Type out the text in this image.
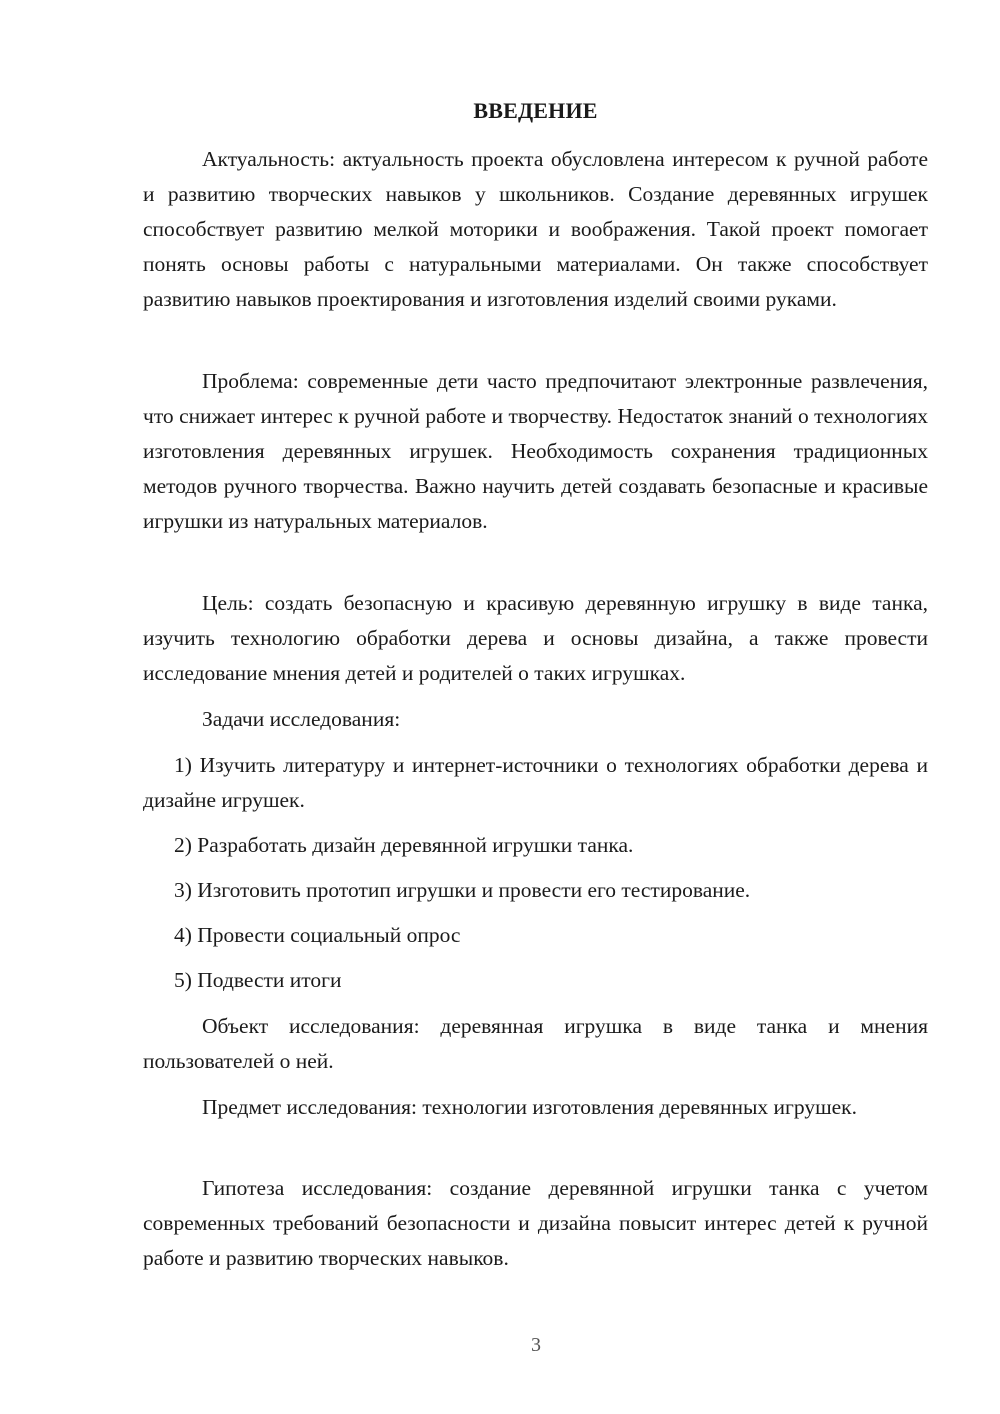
ВВЕДЕНИЕ

Актуальность: актуальность проекта обусловлена интересом к ручной работе и развитию творческих навыков у школьников. Создание деревянных игрушек способствует развитию мелкой моторики и воображения. Такой проект помогает понять основы работы с натуральными материалами. Он также способствует развитию навыков проектирования и изготовления изделий своими руками.

Проблема: современные дети часто предпочитают электронные развлечения, что снижает интерес к ручной работе и творчеству. Недостаток знаний о технологиях изготовления деревянных игрушек. Необходимость сохранения традиционных методов ручного творчества. Важно научить детей создавать безопасные и красивые игрушки из натуральных материалов.

Цель: создать безопасную и красивую деревянную игрушку в виде танка, изучить технологию обработки дерева и основы дизайна, а также провести исследование мнения детей и родителей о таких игрушках.

Задачи исследования:

1) Изучить литературу и интернет-источники о технологиях обработки дерева и дизайне игрушек.

2) Разработать дизайн деревянной игрушки танка.

3) Изготовить прототип игрушки и провести его тестирование.

4) Провести социальный опрос

5) Подвести итоги

Объект исследования: деревянная игрушка в виде танка и мнения пользователей о ней.

Предмет исследования: технологии изготовления деревянных игрушек.

Гипотеза исследования: создание деревянной игрушки танка с учетом современных требований безопасности и дизайна повысит интерес детей к ручной работе и развитию творческих навыков.

3
